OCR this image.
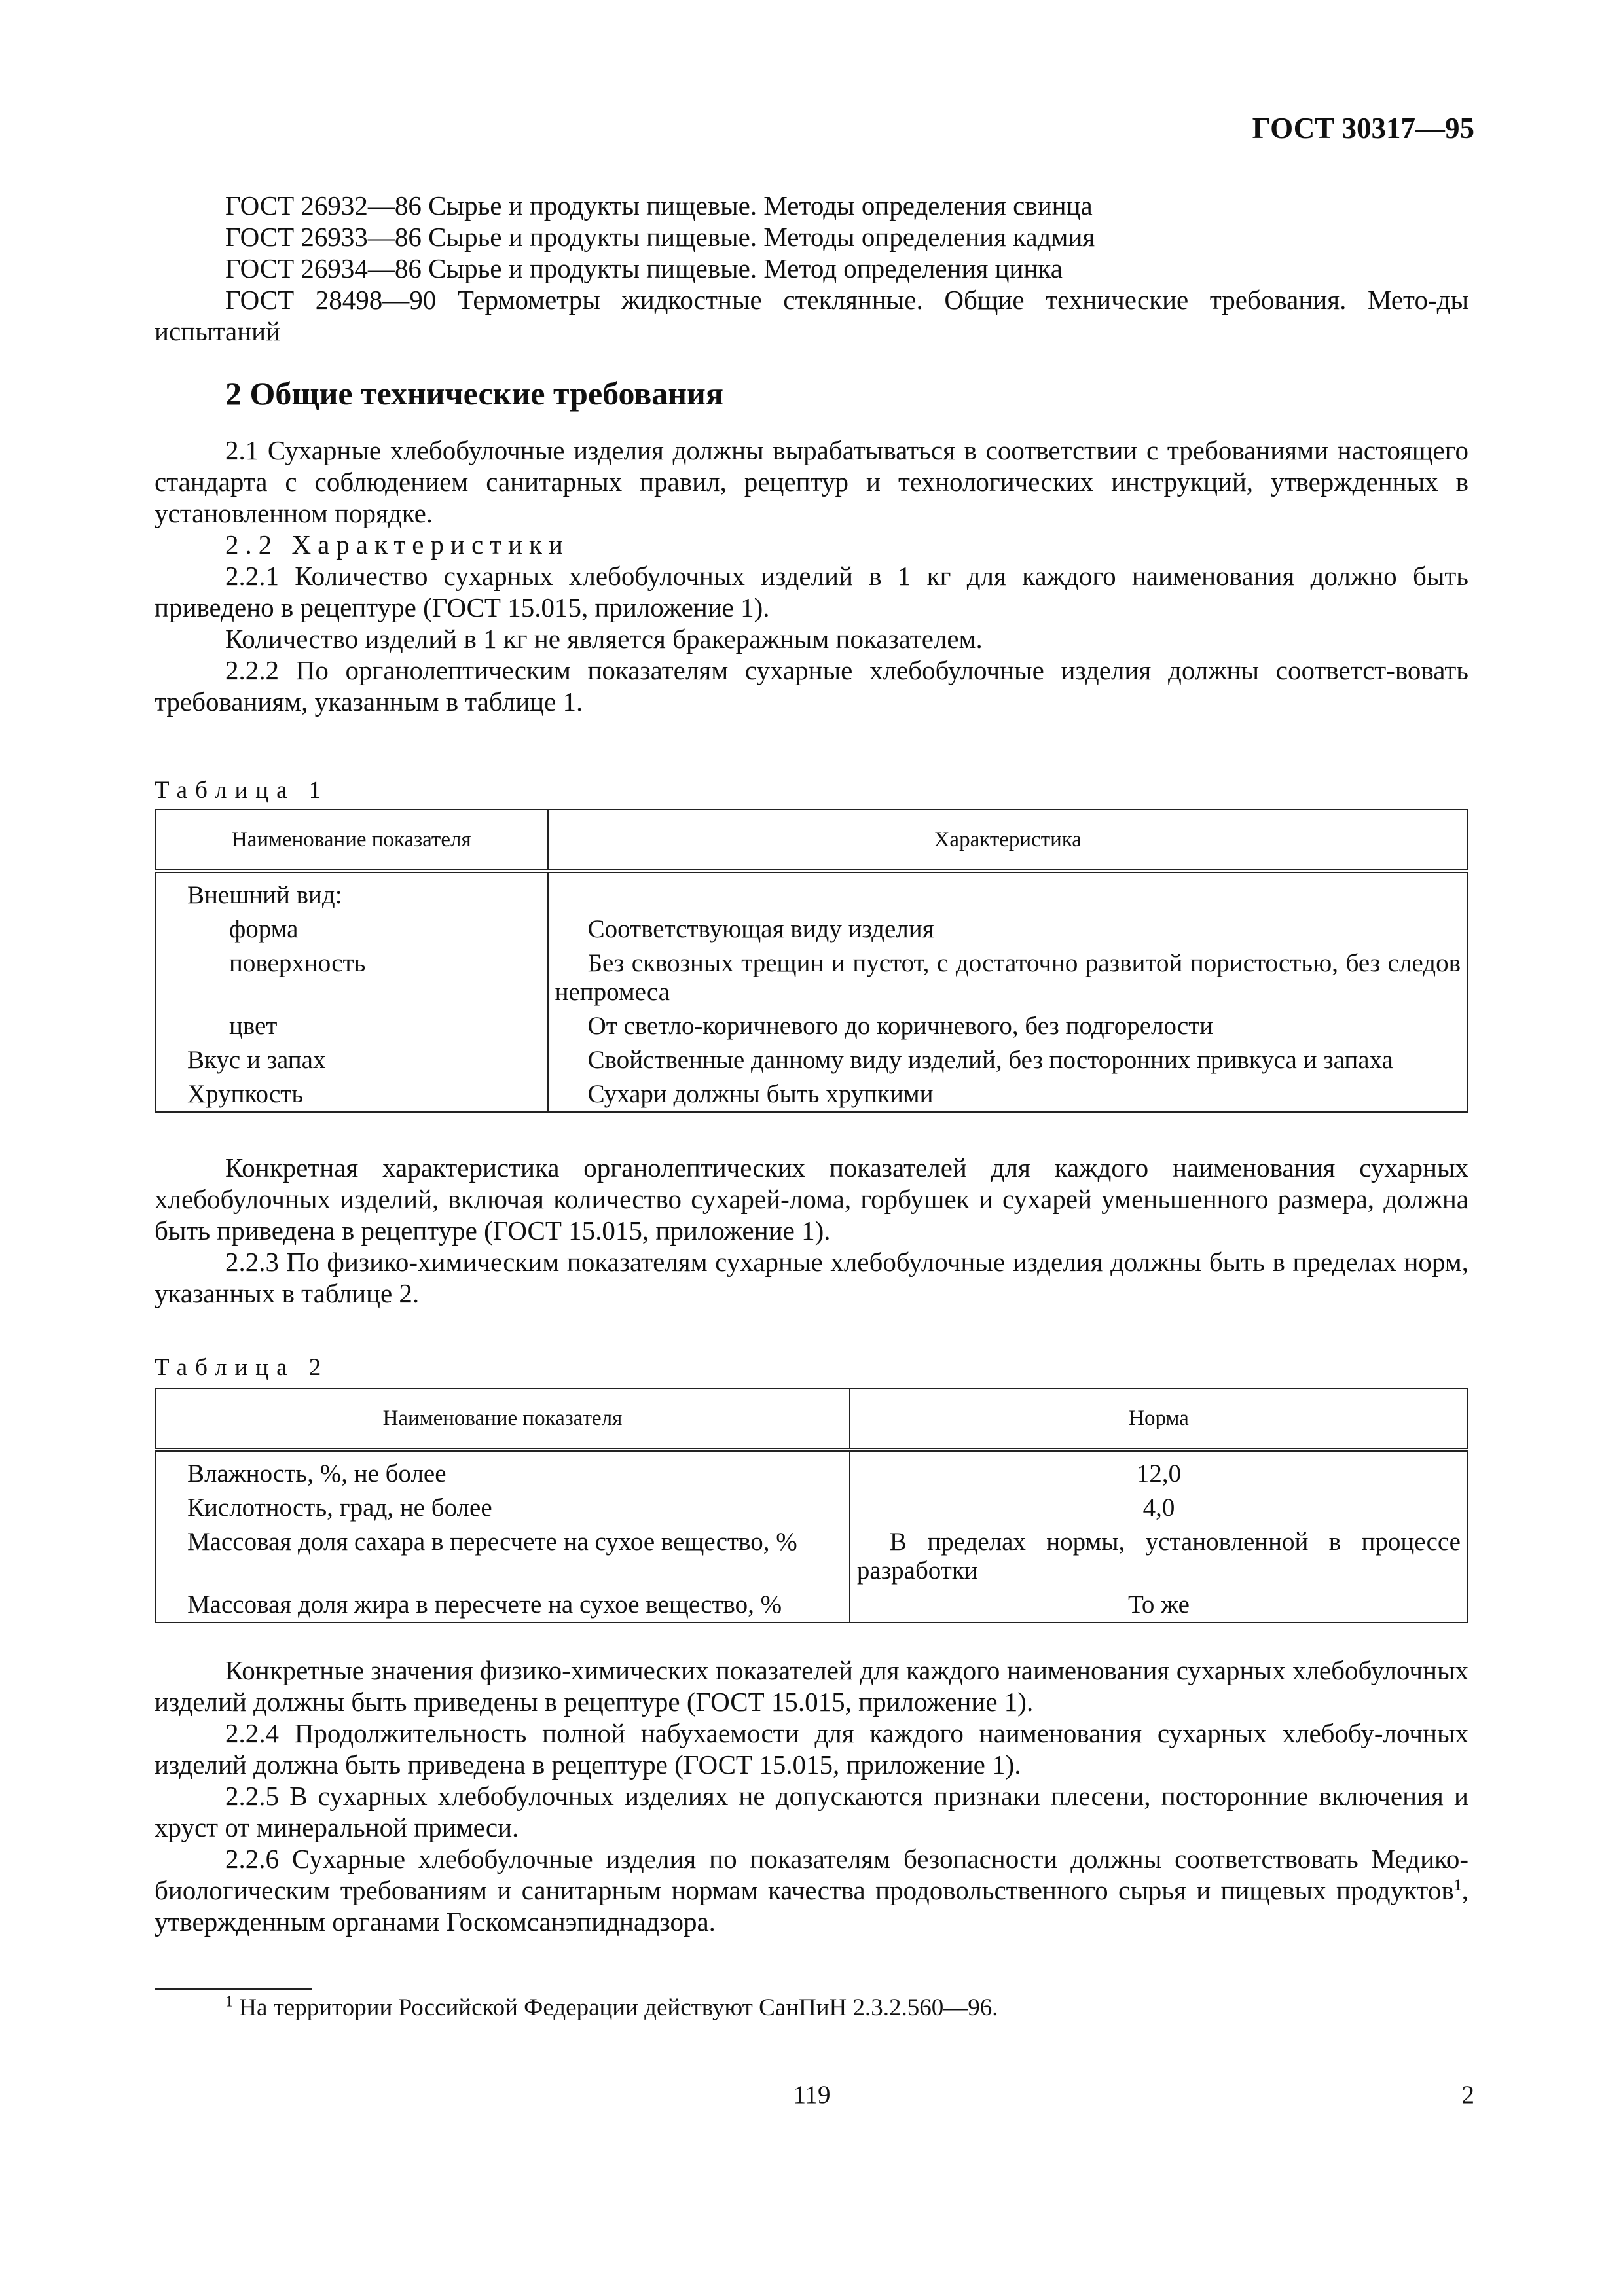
ГОСТ 30317—95

ГОСТ 26932—86 Сырье и продукты пищевые. Методы определения свинца

ГОСТ 26933—86 Сырье и продукты пищевые. Методы определения кадмия

ГОСТ 26934—86 Сырье и продукты пищевые. Метод определения цинка

ГОСТ 28498—90 Термометры жидкостные стеклянные. Общие технические требования. Мето-ды испытаний

2 Общие технические требования

2.1 Сухарные хлебобулочные изделия должны вырабатываться в соответствии с требованиями настоящего стандарта с соблюдением санитарных правил, рецептур и технологических инструкций, утвержденных в установленном порядке.

2.2 Характеристики

2.2.1 Количество сухарных хлебобулочных изделий в 1 кг для каждого наименования должно быть приведено в рецептуре (ГОСТ 15.015, приложение 1).

Количество изделий в 1 кг не является бракеражным показателем.

2.2.2 По органолептическим показателям сухарные хлебобулочные изделия должны соответст-вовать требованиям, указанным в таблице 1.

Таблица 1
Наименование показателя	Характеристика
Внешний вид:	
форма	Соответствующая виду изделия
поверхность	Без сквозных трещин и пустот, с достаточно развитой пористостью, без следов непромеса
цвет	От светло-коричневого до коричневого, без подгорелости
Вкус и запах	Свойственные данному виду изделий, без посторонних привкуса и запаха
Хрупкость	Сухари должны быть хрупкими

Конкретная характеристика органолептических показателей для каждого наименования сухарных хлебобулочных изделий, включая количество сухарей-лома, горбушек и сухарей уменьшенного размера, должна быть приведена в рецептуре (ГОСТ 15.015, приложение 1).

2.2.3 По физико-химическим показателям сухарные хлебобулочные изделия должны быть в пределах норм, указанных в таблице 2.

Таблица 2
Наименование показателя	Норма
Влажность, %, не более	12,0
Кислотность, град, не более	4,0
Массовая доля сахара в пересчете на сухое вещество, %	В пределах нормы, установленной в процессе разработки
Массовая доля жира в пересчете на сухое вещество, %	То же

Конкретные значения физико-химических показателей для каждого наименования сухарных хлебобулочных изделий должны быть приведены в рецептуре (ГОСТ 15.015, приложение 1).

2.2.4 Продолжительность полной набухаемости для каждого наименования сухарных хлебобу-лочных изделий должна быть приведена в рецептуре (ГОСТ 15.015, приложение 1).

2.2.5 В сухарных хлебобулочных изделиях не допускаются признаки плесени, посторонние включения и хруст от минеральной примеси.

2.2.6 Сухарные хлебобулочные изделия по показателям безопасности должны соответствовать Медико-биологическим требованиям и санитарным нормам качества продовольственного сырья и пищевых продуктов$^1$, утвержденным органами Госкомсанэпиднадзора.

$^1$ На территории Российской Федерации действуют СанПиН 2.3.2.560—96.
119	2
